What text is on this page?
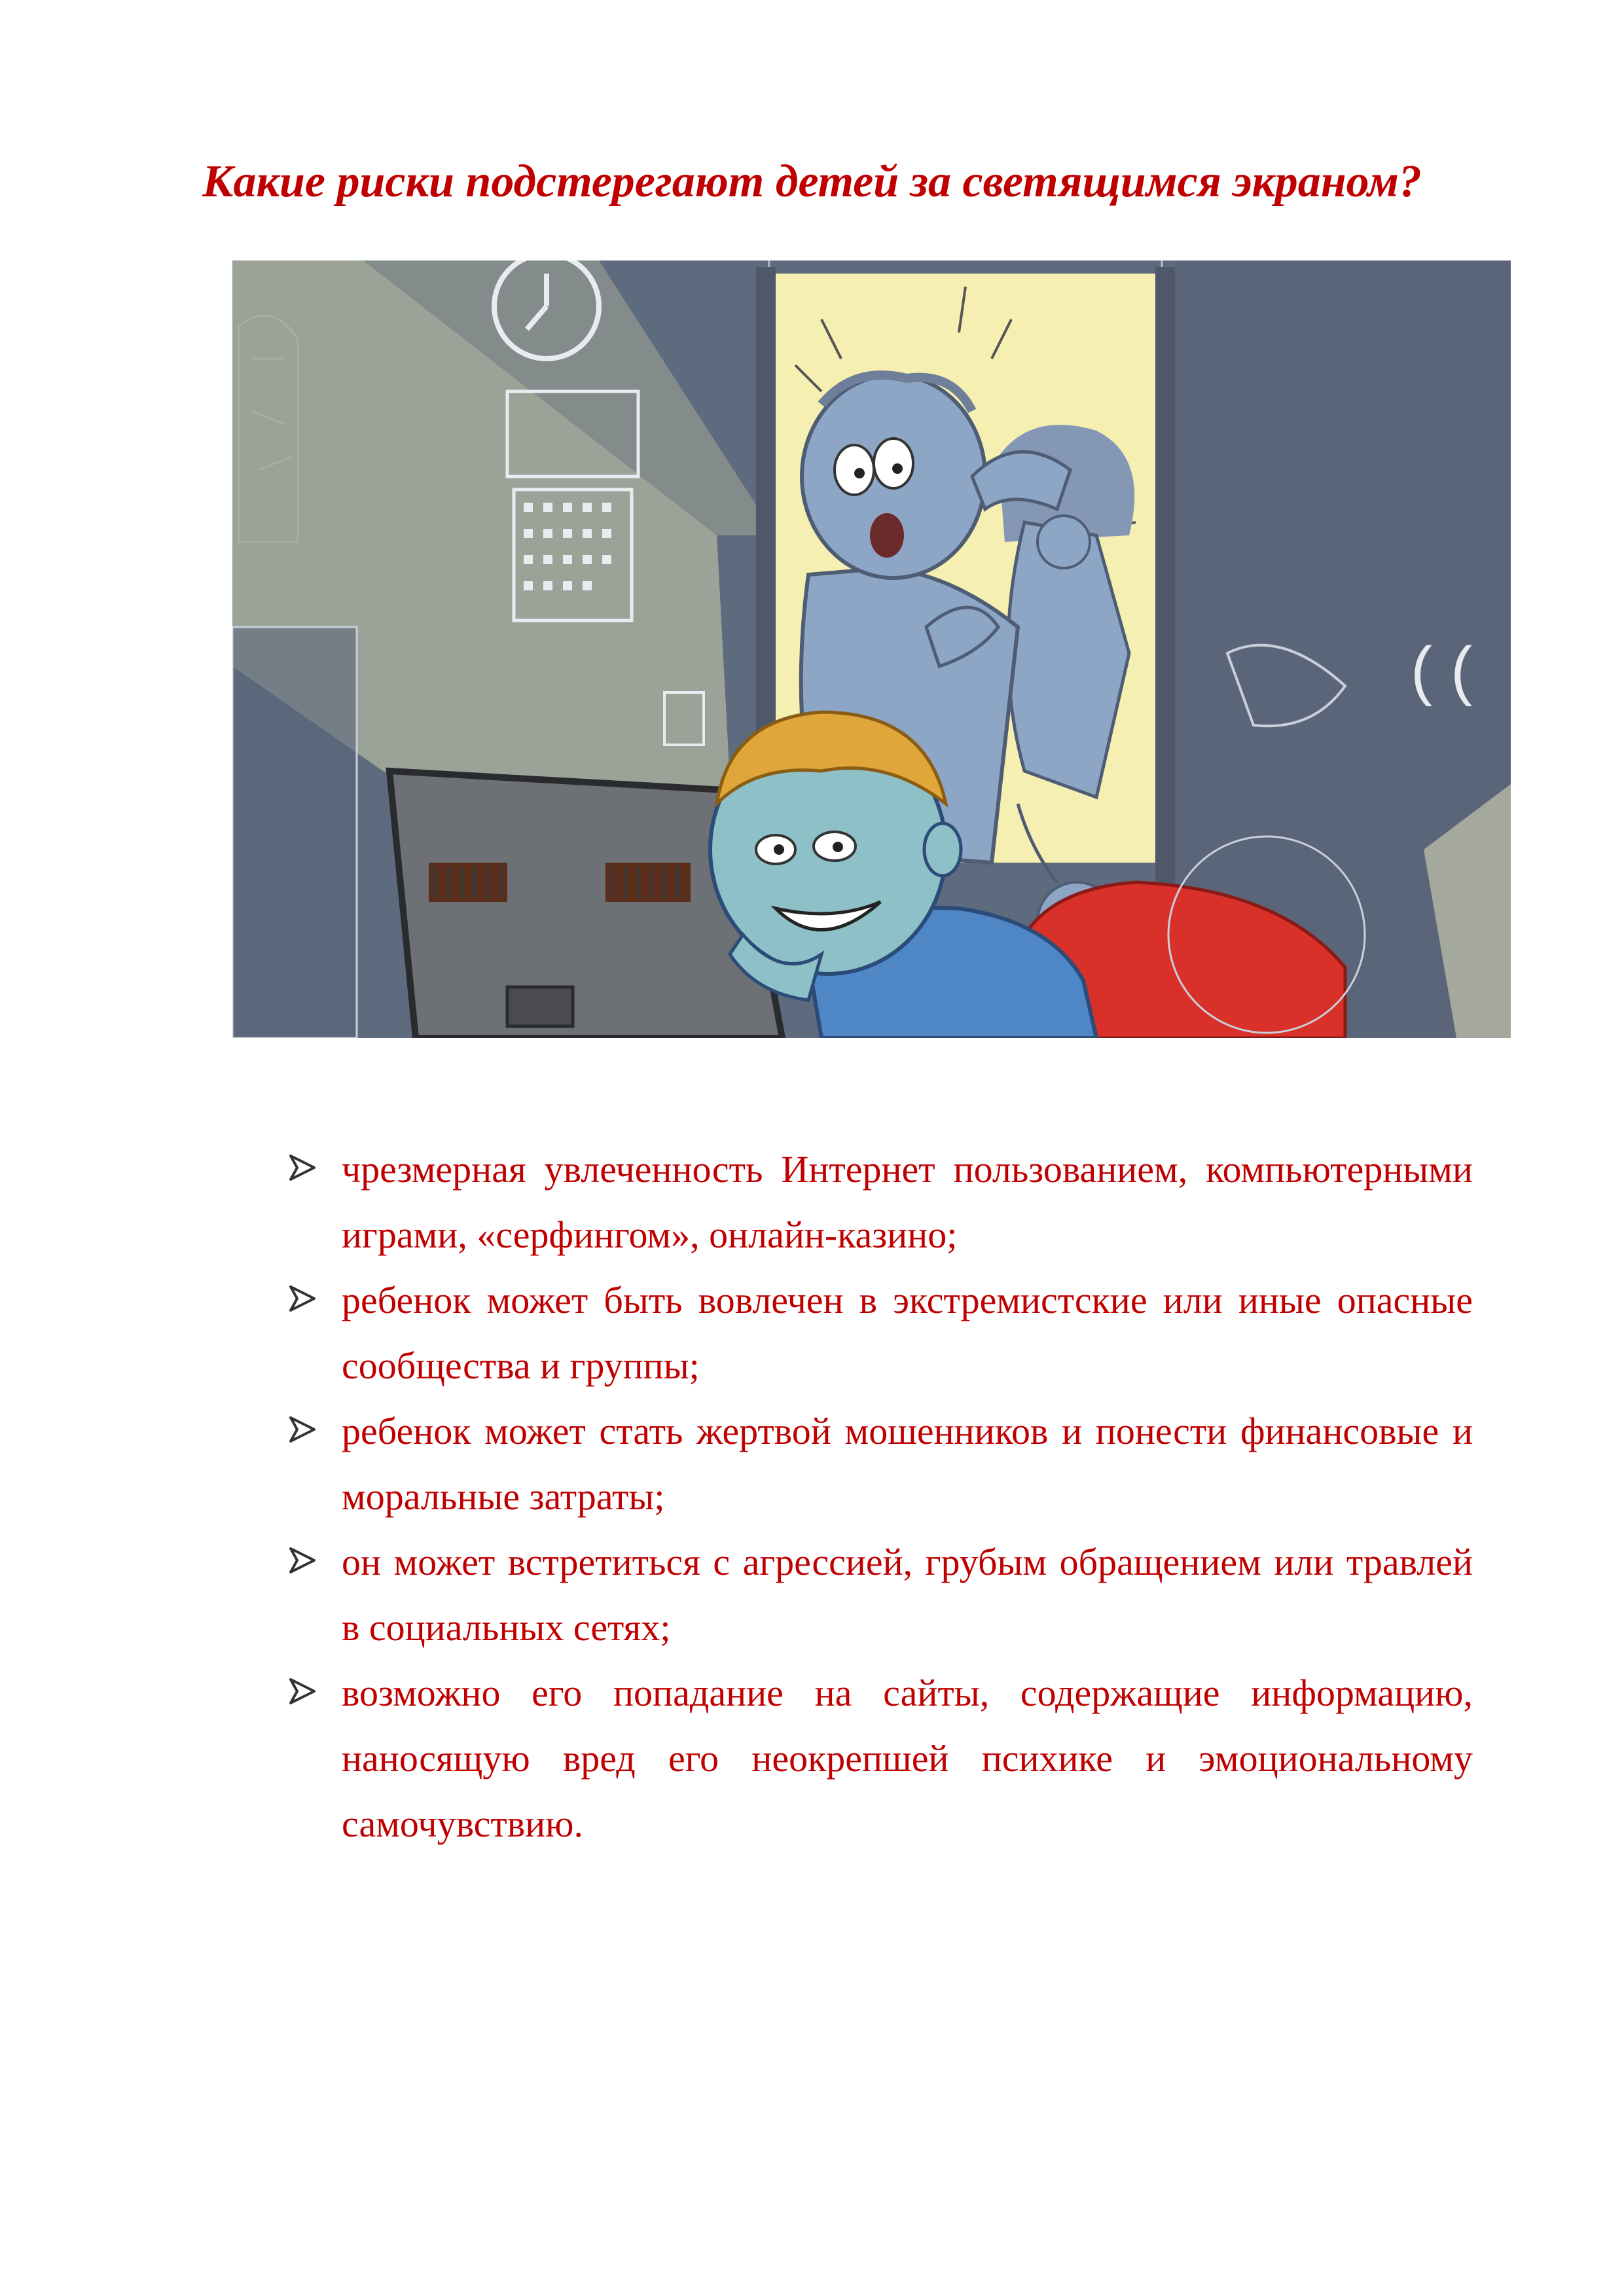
Какие риски подстерегают детей за светящимся экраном?
( (
чрезмерная увлеченность Интернет пользованием, компьютерными играми, «серфингом», онлайн-казино;
ребенок может быть вовлечен в экстремистские или иные опасные сообщества и группы;
ребенок может стать жертвой мошенников и понести финансовые и моральные затраты;
он может встретиться с агрессией, грубым обращением или травлей в социальных сетях;
возможно его попадание на сайты, содержащие информацию, наносящую вред его неокрепшей психике и эмоциональному самочувствию.
